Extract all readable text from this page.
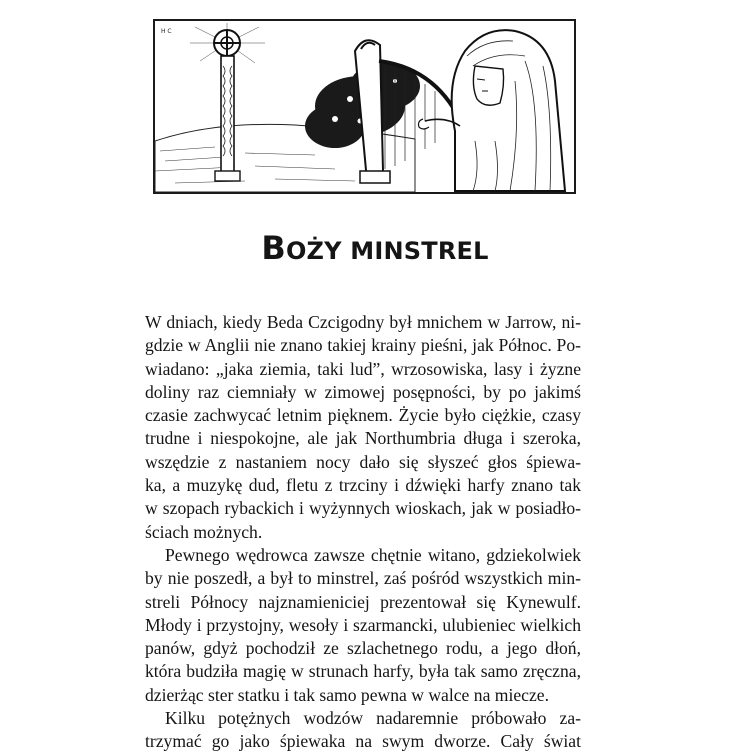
H C
BOŻY MINSTREL
W dniach, kiedy Beda Czcigodny był mnichem w Jarrow, ni-
gdzie w Anglii nie znano takiej krainy pieśni, jak Północ. Po-
wiadano: „jaka ziemia, taki lud”, wrzosowiska, lasy i żyzne
doliny raz ciemniały w zimowej posępności, by po jakimś
czasie zachwycać letnim pięknem. Życie było ciężkie, czasy
trudne i niespokojne, ale jak Northumbria długa i szeroka,
wszędzie z nastaniem nocy dało się słyszeć głos śpiewa-
ka, a muzykę dud, fletu z trzciny i dźwięki harfy znano tak
w szopach rybackich i wyżynnych wioskach, jak w posiadło-
ściach możnych.
Pewnego wędrowca zawsze chętnie witano, gdziekolwiek
by nie poszedł, a był to minstrel, zaś pośród wszystkich min-
streli Północy najznamieniciej prezentował się Kynewulf.
Młody i przystojny, wesoły i szarmancki, ulubieniec wielkich
panów, gdyż pochodził ze szlachetnego rodu, a jego dłoń,
która budziła magię w strunach harfy, była tak samo zręczna,
dzierżąc ster statku i tak samo pewna w walce na miecze.
Kilku potężnych wodzów nadaremnie próbowało za-
trzymać go jako śpiewaka na swym dworze. Cały świat
